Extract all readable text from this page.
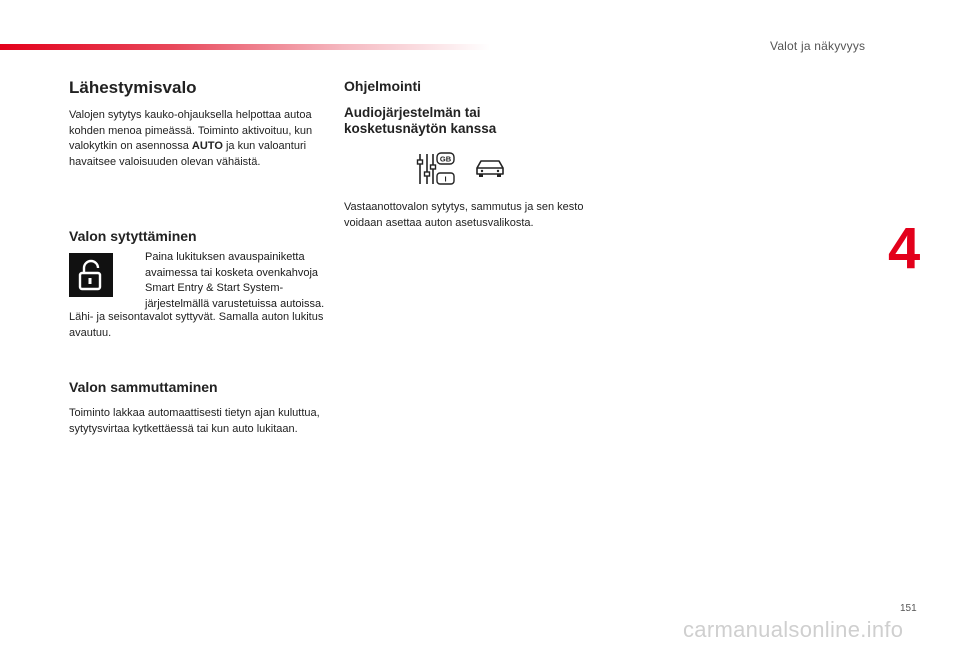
Valot ja näkyvyys
4
Lähestymisvalo

Valojen sytytys kauko-ohjauksella helpottaa autoa kohden menoa pimeässä. Toiminto aktivoituu, kun valokytkin on asennossa AUTO ja kun valoanturi havaitsee valoisuuden olevan vähäistä.

Valon sytyttäminen
Paina lukituksen avauspainiketta avaimessa tai kosketa ovenkahvoja Smart Entry & Start System-järjestelmällä varustetuissa autoissa.

Lähi- ja seisontavalot syttyvät. Samalla auton lukitus avautuu.

Valon sammuttaminen

Toiminto lakkaa automaattisesti tietyn ajan kuluttua, sytytysvirtaa kytkettäessä tai kun auto lukitaan.

Ohjelmointi
Audiojärjestelmän tai kosketusnäytön kanssa
GB
I

Vastaanottovalon sytytys, sammutus ja sen kesto voidaan asettaa auton asetusvalikosta.

151
carmanualsonline.info
